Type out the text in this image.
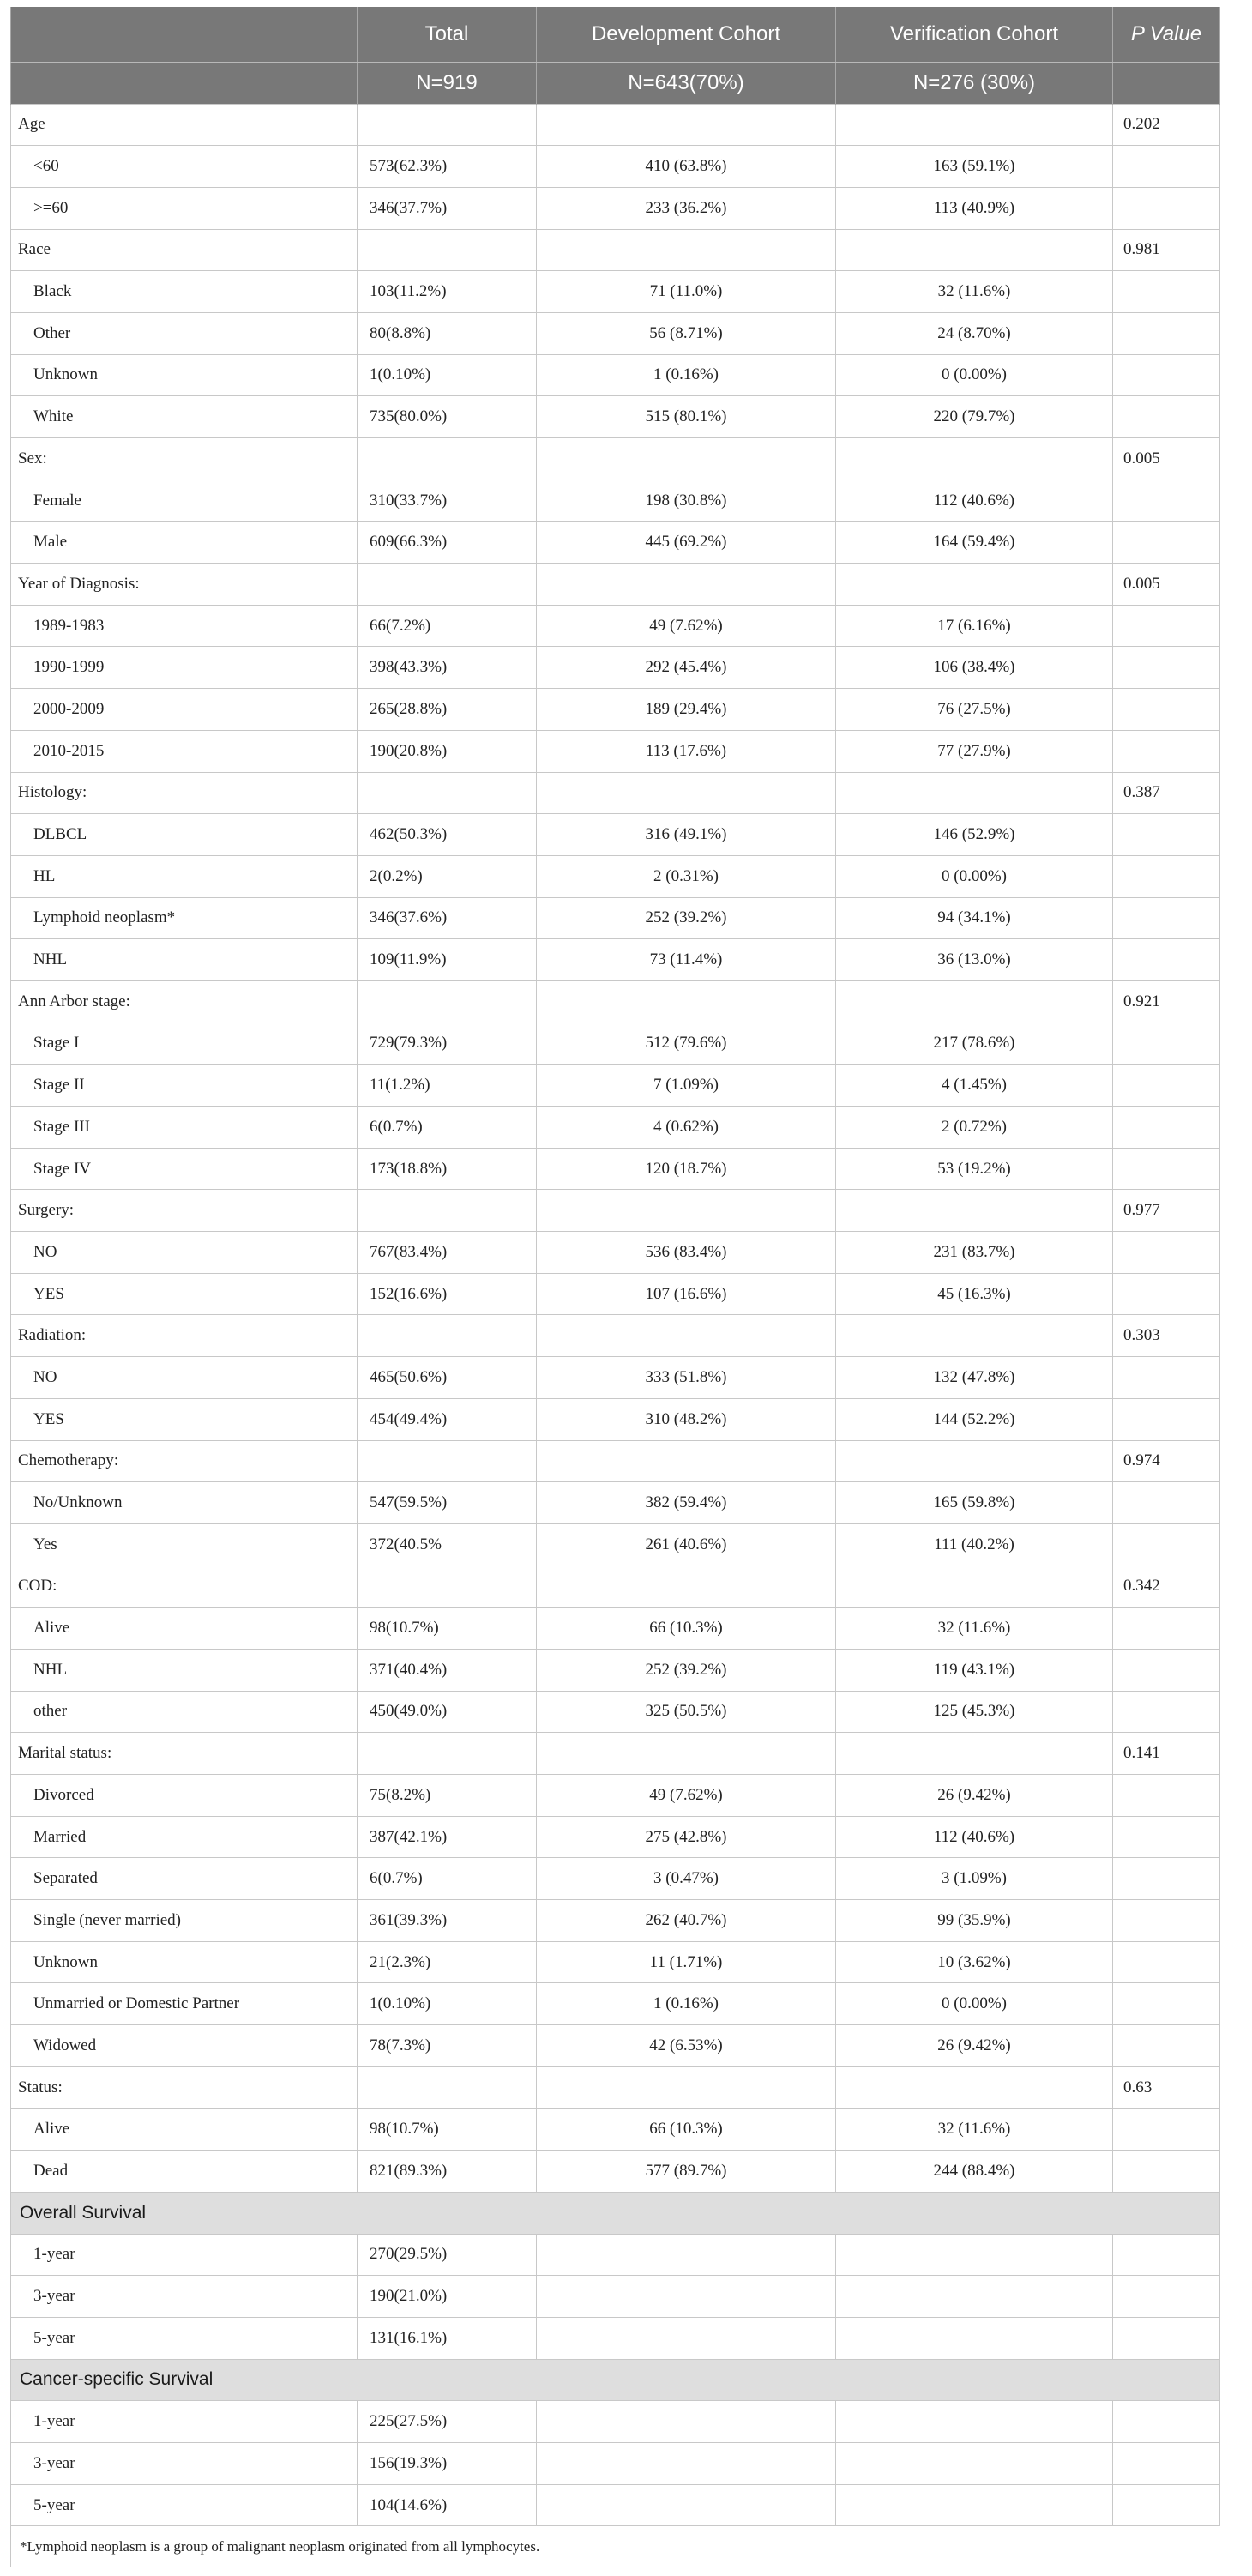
	Total	Development Cohort	Verification Cohort	P Value
	N=919	N=643(70%)	N=276 (30%)	
Age				0.202
<60	573(62.3%)	410 (63.8%)	163 (59.1%)	
>=60	346(37.7%)	233 (36.2%)	113 (40.9%)	
Race				0.981
Black	103(11.2%)	71 (11.0%)	32 (11.6%)	
Other	80(8.8%)	56 (8.71%)	24 (8.70%)	
Unknown	1(0.10%)	1 (0.16%)	0 (0.00%)	
White	735(80.0%)	515 (80.1%)	220 (79.7%)	
Sex:				0.005
Female	310(33.7%)	198 (30.8%)	112 (40.6%)	
Male	609(66.3%)	445 (69.2%)	164 (59.4%)	
Year of Diagnosis:				0.005
1989-1983	66(7.2%)	49 (7.62%)	17 (6.16%)	
1990-1999	398(43.3%)	292 (45.4%)	106 (38.4%)	
2000-2009	265(28.8%)	189 (29.4%)	76 (27.5%)	
2010-2015	190(20.8%)	113 (17.6%)	77 (27.9%)	
Histology:				0.387
DLBCL	462(50.3%)	316 (49.1%)	146 (52.9%)	
HL	2(0.2%)	2 (0.31%)	0 (0.00%)	
Lymphoid neoplasm*	346(37.6%)	252 (39.2%)	94 (34.1%)	
NHL	109(11.9%)	73 (11.4%)	36 (13.0%)	
Ann Arbor stage:				0.921
Stage I	729(79.3%)	512 (79.6%)	217 (78.6%)	
Stage II	11(1.2%)	7 (1.09%)	4 (1.45%)	
Stage III	6(0.7%)	4 (0.62%)	2 (0.72%)	
Stage IV	173(18.8%)	120 (18.7%)	53 (19.2%)	
Surgery:				0.977
NO	767(83.4%)	536 (83.4%)	231 (83.7%)	
YES	152(16.6%)	107 (16.6%)	45 (16.3%)	
Radiation:				0.303
NO	465(50.6%)	333 (51.8%)	132 (47.8%)	
YES	454(49.4%)	310 (48.2%)	144 (52.2%)	
Chemotherapy:				0.974
No/Unknown	547(59.5%)	382 (59.4%)	165 (59.8%)	
Yes	372(40.5%	261 (40.6%)	111 (40.2%)	
COD:				0.342
Alive	98(10.7%)	66 (10.3%)	32 (11.6%)	
NHL	371(40.4%)	252 (39.2%)	119 (43.1%)	
other	450(49.0%)	325 (50.5%)	125 (45.3%)	
Marital status:				0.141
Divorced	75(8.2%)	49 (7.62%)	26 (9.42%)	
Married	387(42.1%)	275 (42.8%)	112 (40.6%)	
Separated	6(0.7%)	3 (0.47%)	3 (1.09%)	
Single (never married)	361(39.3%)	262 (40.7%)	99 (35.9%)	
Unknown	21(2.3%)	11 (1.71%)	10 (3.62%)	
Unmarried or Domestic Partner	1(0.10%)	1 (0.16%)	0 (0.00%)	
Widowed	78(7.3%)	42 (6.53%)	26 (9.42%)	
Status:				0.63
Alive	98(10.7%)	66 (10.3%)	32 (11.6%)	
Dead	821(89.3%)	577 (89.7%)	244 (88.4%)	
Overall Survival				
1-year	270(29.5%)			
3-year	190(21.0%)			
5-year	131(16.1%)			
Cancer-specific Survival				
1-year	225(27.5%)			
3-year	156(19.3%)			
5-year	104(14.6%)			
*Lymphoid neoplasm is a group of malignant neoplasm originated from all lymphocytes.
